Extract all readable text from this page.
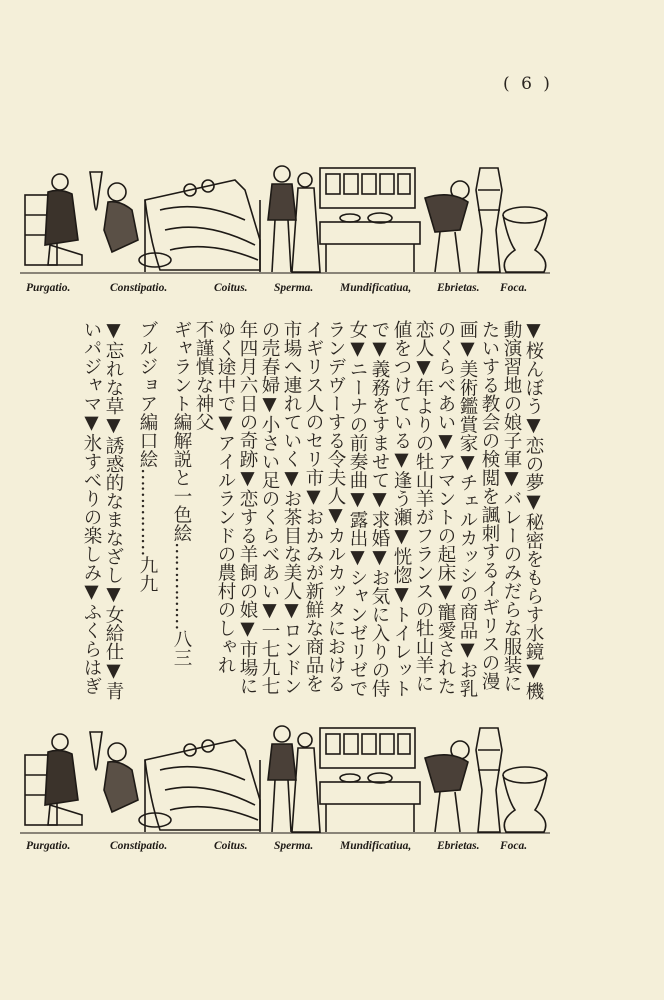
( 6 )
Purgatio.	Constipatio.	Coitus. Sperma. Mundificatiua, Ebrietas. Foca.
▼桜んぼう▼恋の夢▼秘密をもらす水鏡▼機
動演習地の娘子軍▼バレーのみだらな服装に
たいする教会の検閲を諷刺するイギリスの漫
画▼美術鑑賞家▼チェルカッシの商品▼お乳
のくらべあい▼アマントの起床▼寵愛された
恋人▼年よりの牡山羊がフランスの牡山羊に
値をつけている▼逢う瀬▼恍惚▼トイレット
で▼義務をすませて▼求婚▼お気に入りの侍
女▼ニーナの前奏曲▼露出▼シャンゼリゼで
ランデヴーする令夫人▼カルカッタにおける
イギリス人のセリ市▼おかみが新鮮な商品を
市場へ連れていく▼お茶目な美人▼ロンドン
の売春婦▼小さい足のくらべあい▼一七九七
年四月六日の奇跡▼恋する羊飼の娘▼市場に
ゆく途中で▼アイルランドの農村のしゃれ
不謹慎な神父
ギャラント編解説と一色絵……………八三
ブルジョア編口絵……………九九
▼忘れな草▼誘惑的なまなざし▼女給仕▼青
いパジャマ▼氷すべりの楽しみ▼ふくらはぎ
Purgatio.	Constipatio.	Coitus. Sperma. Mundificatiua, Ebrietas. Foca.
